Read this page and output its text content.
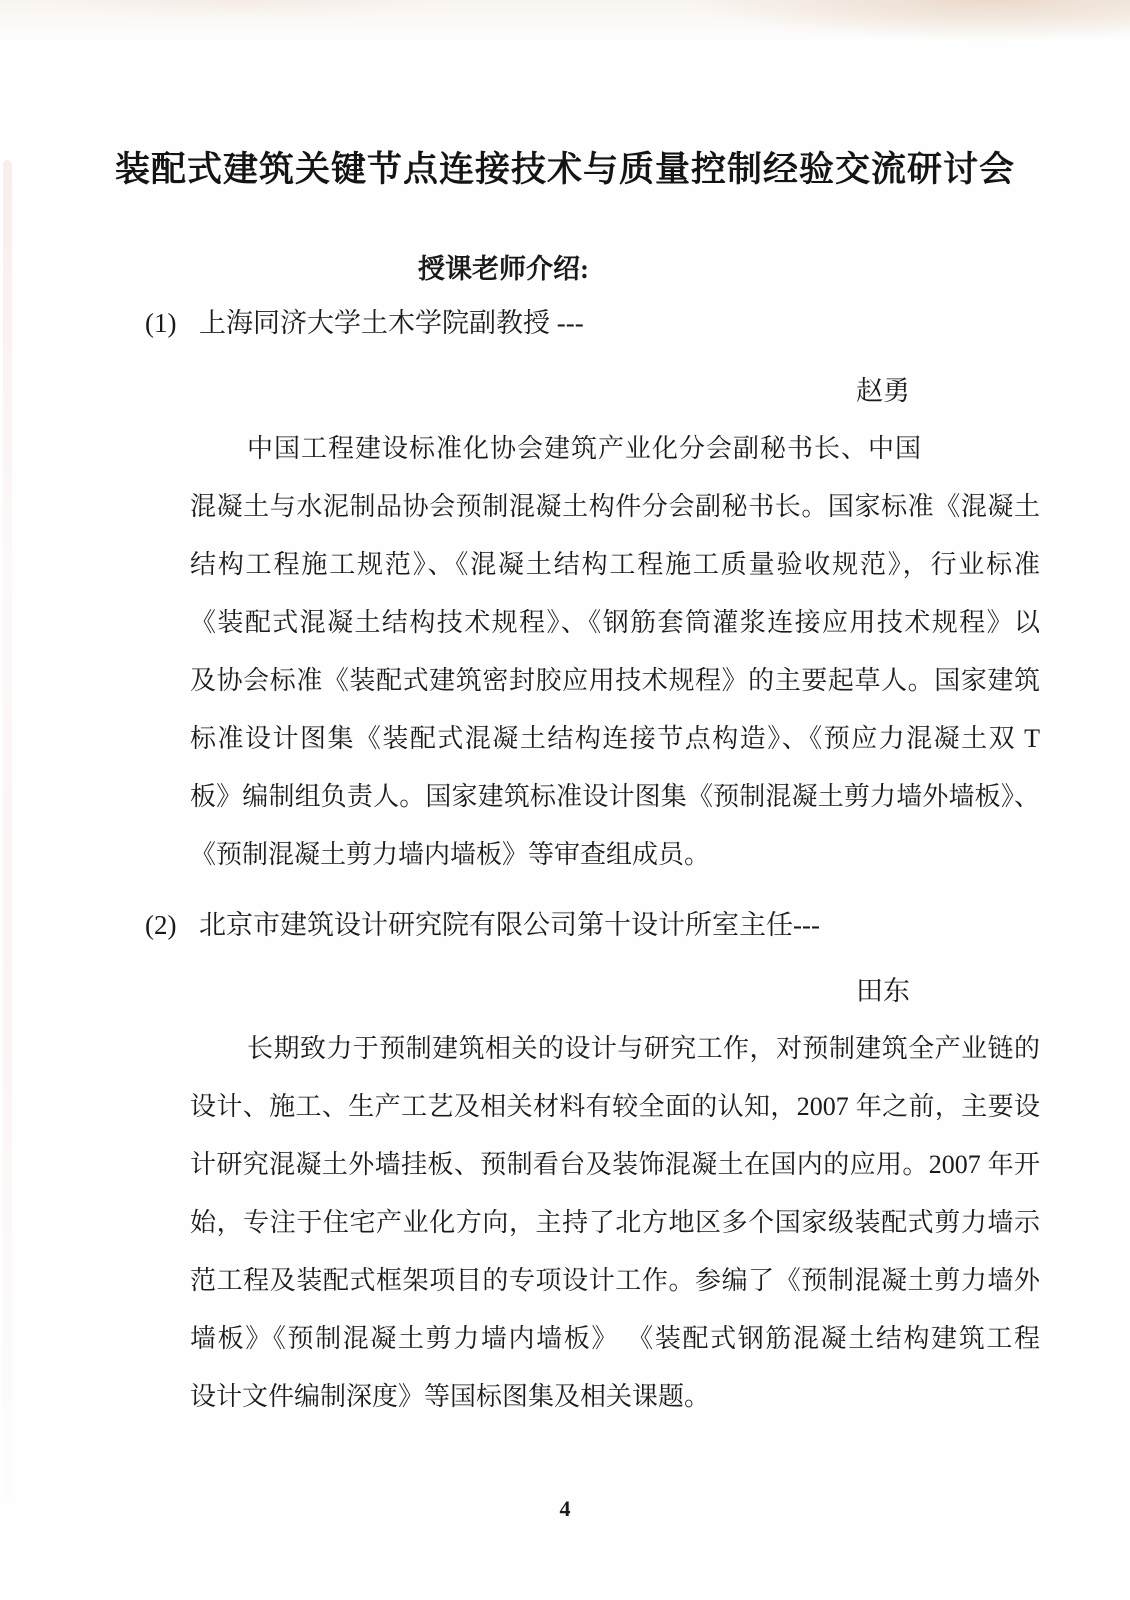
装配式建筑关键节点连接技术与质量控制经验交流研讨会
授课老师介绍:
(1) 上海同济大学土木学院副教授 ---
赵勇
中国工程建设标准化协会建筑产业化分会副秘书长、中国
混凝土与水泥制品协会预制混凝土构件分会副秘书长。国家标准《混凝土
结构工程施工规范》、《混凝土结构工程施工质量验收规范》，行业标准
《装配式混凝土结构技术规程》、《钢筋套筒灌浆连接应用技术规程》以
及协会标准《装配式建筑密封胶应用技术规程》的主要起草人。国家建筑
标准设计图集《装配式混凝土结构连接节点构造》、《预应力混凝土双 T
板》编制组负责人。国家建筑标准设计图集《预制混凝土剪力墙外墙板》、
《预制混凝土剪力墙内墙板》等审查组成员。
(2) 北京市建筑设计研究院有限公司第十设计所室主任---
田东
长期致力于预制建筑相关的设计与研究工作，对预制建筑全产业链的
设计、施工、生产工艺及相关材料有较全面的认知，2007 年之前，主要设
计研究混凝土外墙挂板、预制看台及装饰混凝土在国内的应用。2007 年开
始，专注于住宅产业化方向，主持了北方地区多个国家级装配式剪力墙示
范工程及装配式框架项目的专项设计工作。参编了《预制混凝土剪力墙外
墙板》《预制混凝土剪力墙内墙板》 《装配式钢筋混凝土结构建筑工程
设计文件编制深度》等国标图集及相关课题。
4
